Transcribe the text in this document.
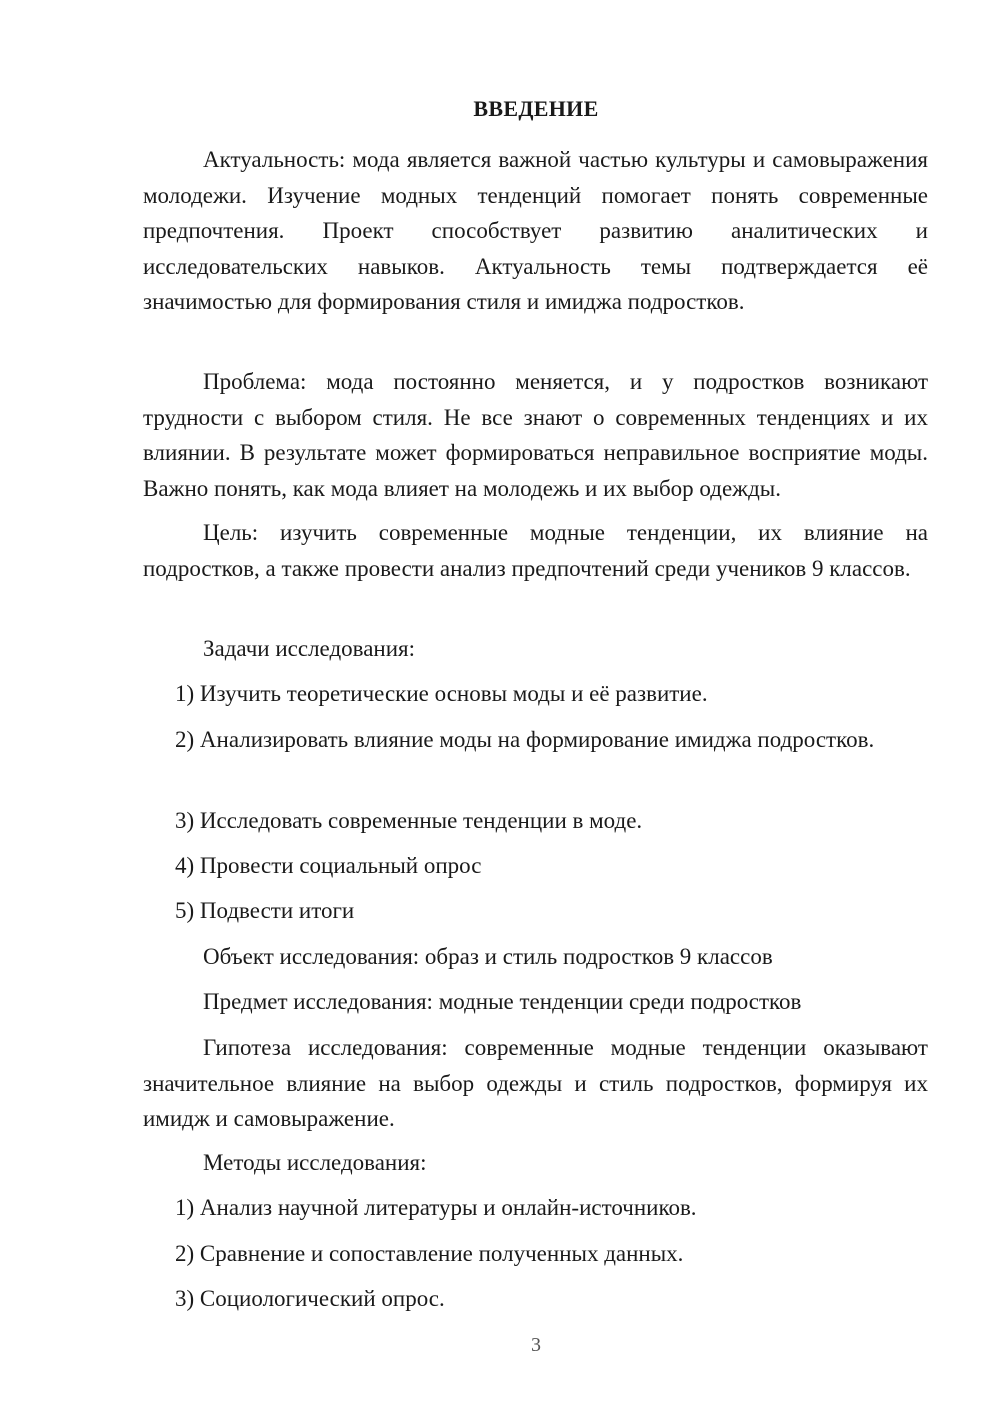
ВВЕДЕНИЕ

Актуальность: мода является важной частью культуры и самовыражения молодежи. Изучение модных тенденций помогает понять современные предпочтения. Проект способствует развитию аналитических и исследовательских навыков. Актуальность темы подтверждается её значимостью для формирования стиля и имиджа подростков.

Проблема: мода постоянно меняется, и у подростков возникают трудности с выбором стиля. Не все знают о современных тенденциях и их влиянии. В результате может формироваться неправильное восприятие моды. Важно понять, как мода влияет на молодежь и их выбор одежды.

Цель: изучить современные модные тенденции, их влияние на подростков, а также провести анализ предпочтений среди учеников 9 классов.

Задачи исследования:

1) Изучить теоретические основы моды и её развитие.

2) Анализировать влияние моды на формирование имиджа подростков.

3) Исследовать современные тенденции в моде.

4) Провести социальный опрос

5) Подвести итоги

Объект исследования: образ и стиль подростков 9 классов

Предмет исследования: модные тенденции среди подростков

Гипотеза исследования: современные модные тенденции оказывают значительное влияние на выбор одежды и стиль подростков, формируя их имидж и самовыражение.

Методы исследования:

1) Анализ научной литературы и онлайн-источников.

2) Сравнение и сопоставление полученных данных.

3) Социологический опрос.

3
